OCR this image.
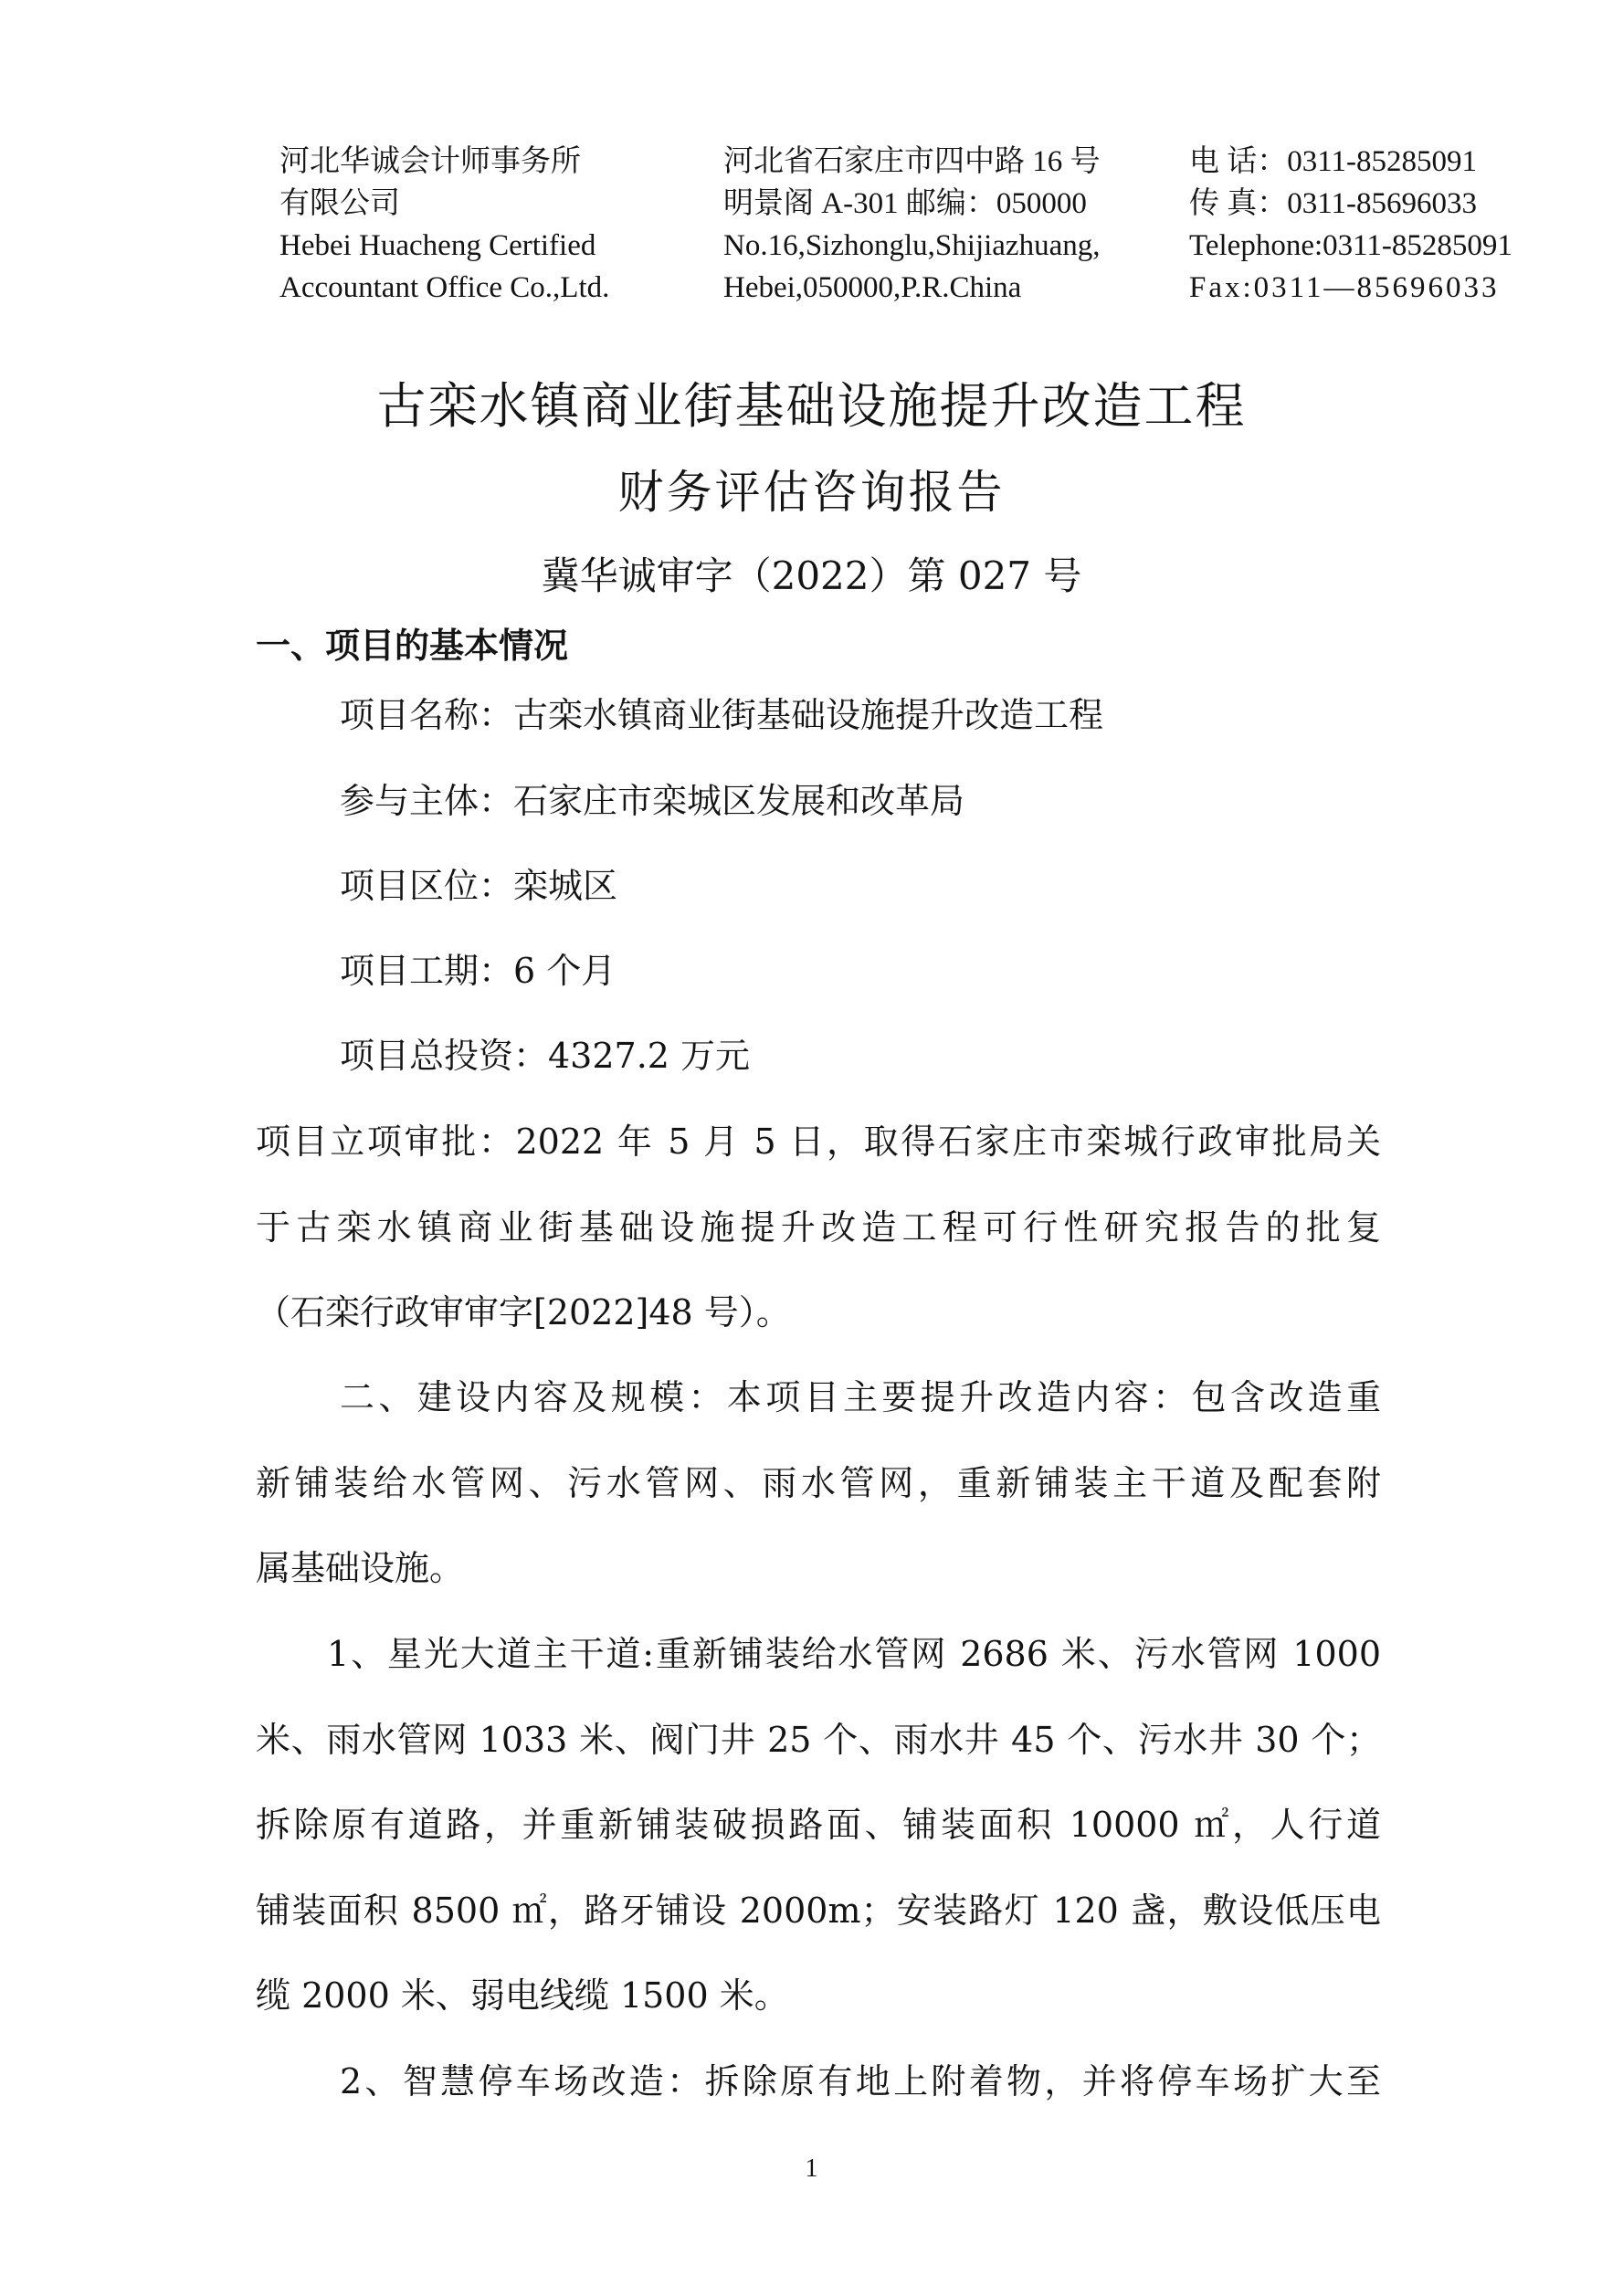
河北华诚会计师事务所
有限公司
Hebei Huacheng Certified
Accountant Office Co.,Ltd.
河北省石家庄市四中路 16 号
明景阁 A-301 邮编：050000
No.16,Sizhonglu,Shijiazhuang,
Hebei,050000,P.R.China
电 话：0311-85285091
传 真：0311-85696033
Telephone:0311-85285091
Fax:0311—85696033
古栾水镇商业街基础设施提升改造工程
财务评估咨询报告
冀华诚审字（2022）第 027 号
一、项目的基本情况
项目名称：古栾水镇商业街基础设施提升改造工程
参与主体：石家庄市栾城区发展和改革局
项目区位：栾城区
项目工期：6 个月
项目总投资：4327.2 万元
项目立项审批：2022 年 5 月 5 日，取得石家庄市栾城行政审批局关
于古栾水镇商业街基础设施提升改造工程可行性研究报告的批复
（石栾行政审审字[2022]48 号）。
二、建设内容及规模：本项目主要提升改造内容：包含改造重
新铺装给水管网、污水管网、雨水管网，重新铺装主干道及配套附
属基础设施。
1、星光大道主干道:重新铺装给水管网 2686 米、污水管网 1000
米、雨水管网 1033 米、阀门井 25 个、雨水井 45 个、污水井 30 个；
拆除原有道路，并重新铺装破损路面、铺装面积 10000 ㎡，人行道
铺装面积 8500 ㎡，路牙铺设 2000m；安装路灯 120 盏，敷设低压电
缆 2000 米、弱电线缆 1500 米。
2、智慧停车场改造：拆除原有地上附着物，并将停车场扩大至
1
